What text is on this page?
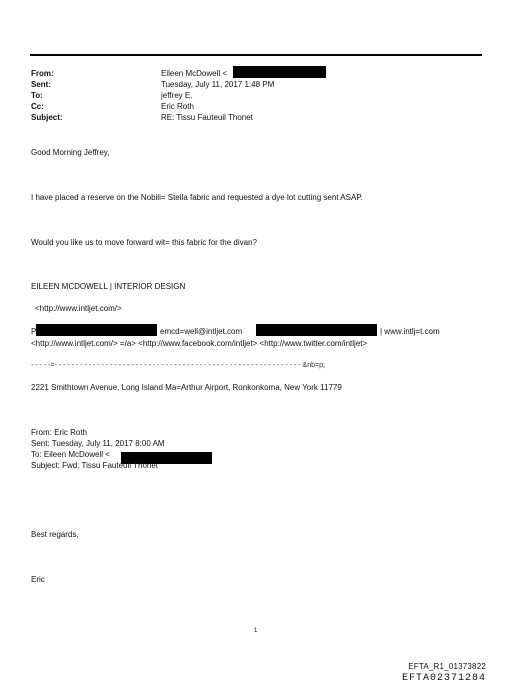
From:	Eileen McDowell <
Sent:	Tuesday, July 11, 2017 1:48 PM
To:	jeffrey E.
Cc:	Eric Roth
Subject:	RE: Tissu Fauteuil Thonet
Good Morning Jeffrey,
I have placed a reserve on the Nobili= Stella fabric and requested a dye lot cutting sent ASAP.
Would you like us to move forward wit= this fabric for the divan?
EILEEN MCDOWELL | INTERIOR DESIGN
<http://www.intljet.com/>
P	emcd=well@intljet.com	| www.intlj=t.com
<http://www.intljet.com/> =/a> <http://www.facebook.com/intljet> <http://www.twitter.com/intljet>
- - - - -=- - - - - - - - - - - - - - - - - - - - - - - - - - - - - - - - - - - - - - - - - - - - - - - - - - - - - - - - - - &nb=p;
2221 Smithtown Avenue, Long Island Ma=Arthur Airport, Ronkonkoma, New York 11779
From: Eric Roth
Sent: Tuesday, July 11, 2017 8:00 AM
To: Eileen McDowell <
Subject: Fwd: Tissu Fauteuil Thonet
Best regards,
Eric
1
EFTA_R1_01373822
EFTA02371284
